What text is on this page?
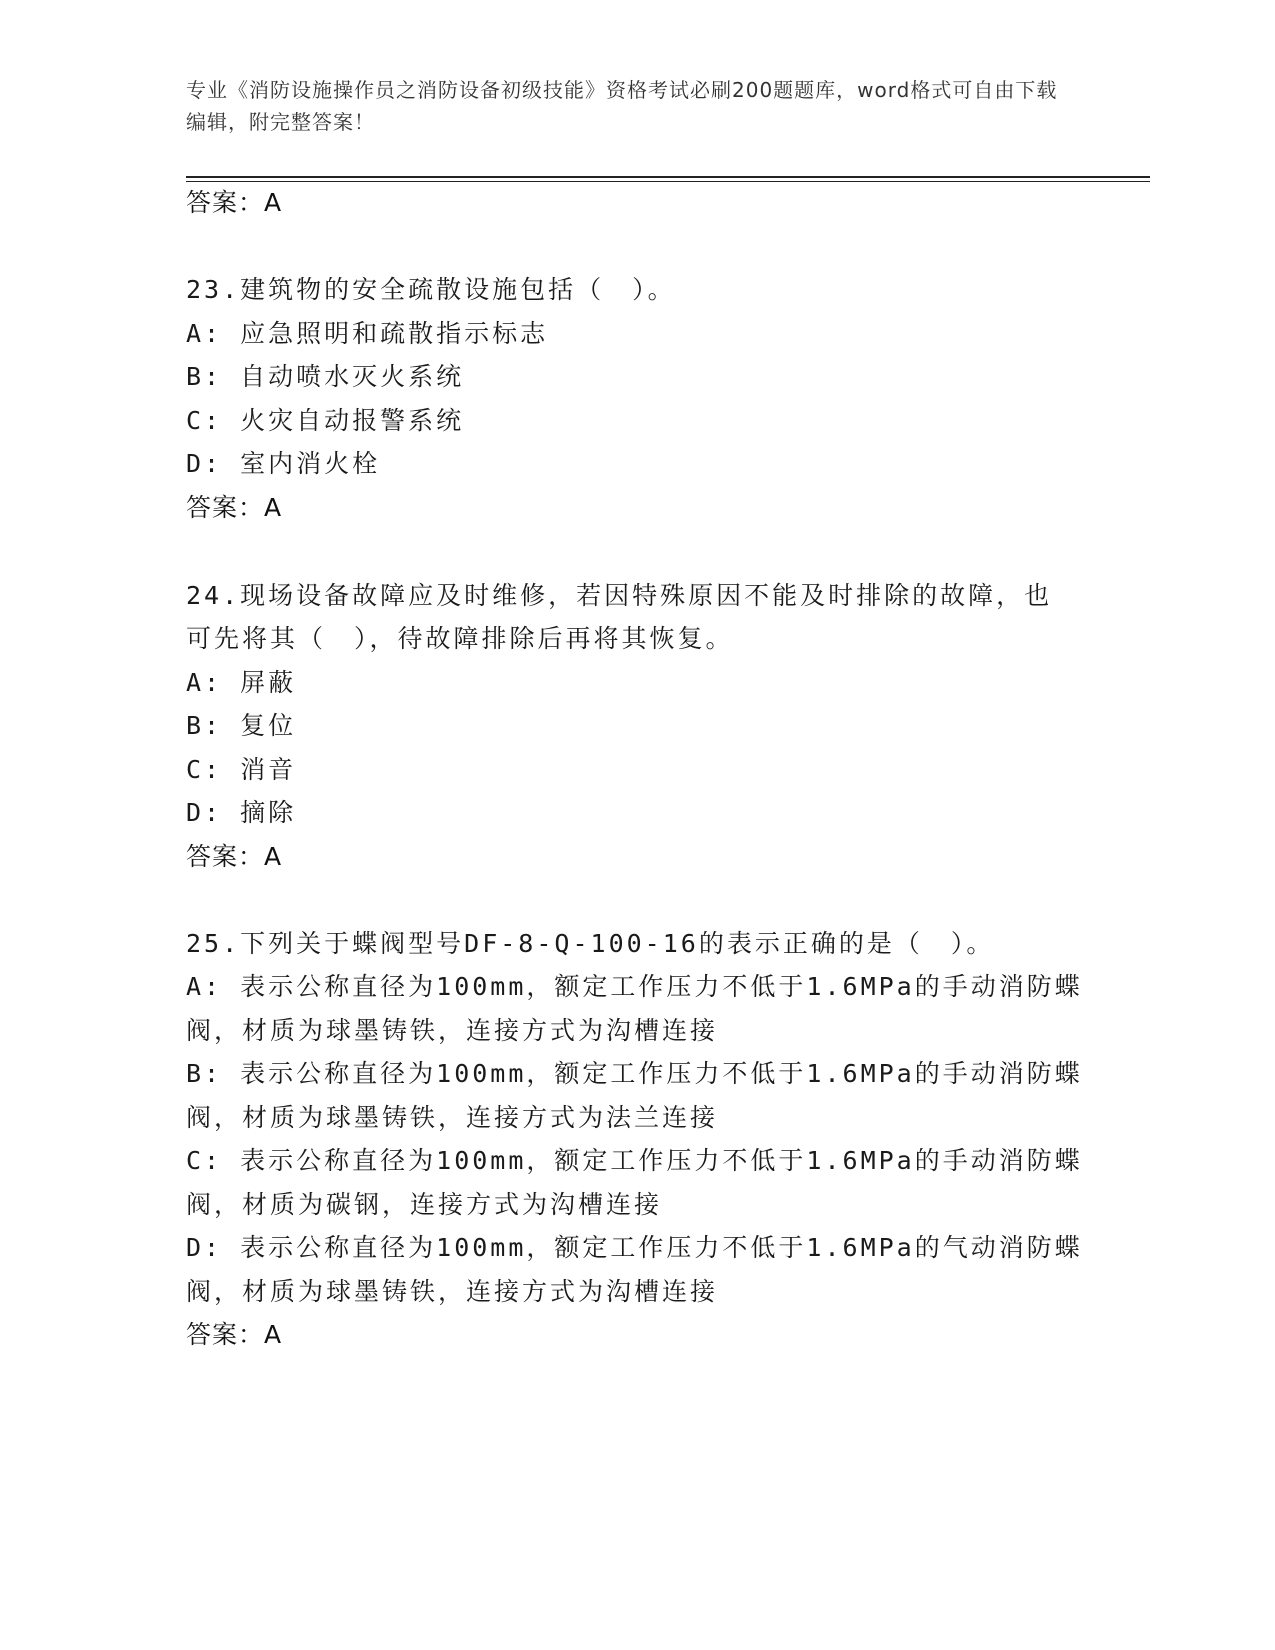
专业《消防设施操作员之消防设备初级技能》资格考试必刷200题题库，word格式可自由下载编辑，附完整答案！
答案：A
23.建筑物的安全疏散设施包括（　）。
A: 应急照明和疏散指示标志
B: 自动喷水灭火系统
C: 火灾自动报警系统
D: 室内消火栓
答案：A
24.现场设备故障应及时维修，若因特殊原因不能及时排除的故障，也
可先将其（　），待故障排除后再将其恢复。
A: 屏蔽
B: 复位
C: 消音
D: 摘除
答案：A
25.下列关于蝶阀型号DF-8-Q-100-16的表示正确的是（　）。
A: 表示公称直径为100mm，额定工作压力不低于1.6MPa的手动消防蝶
阀，材质为球墨铸铁，连接方式为沟槽连接
B: 表示公称直径为100mm，额定工作压力不低于1.6MPa的手动消防蝶
阀，材质为球墨铸铁，连接方式为法兰连接
C: 表示公称直径为100mm，额定工作压力不低于1.6MPa的手动消防蝶
阀，材质为碳钢，连接方式为沟槽连接
D: 表示公称直径为100mm，额定工作压力不低于1.6MPa的气动消防蝶
阀，材质为球墨铸铁，连接方式为沟槽连接
答案：A
